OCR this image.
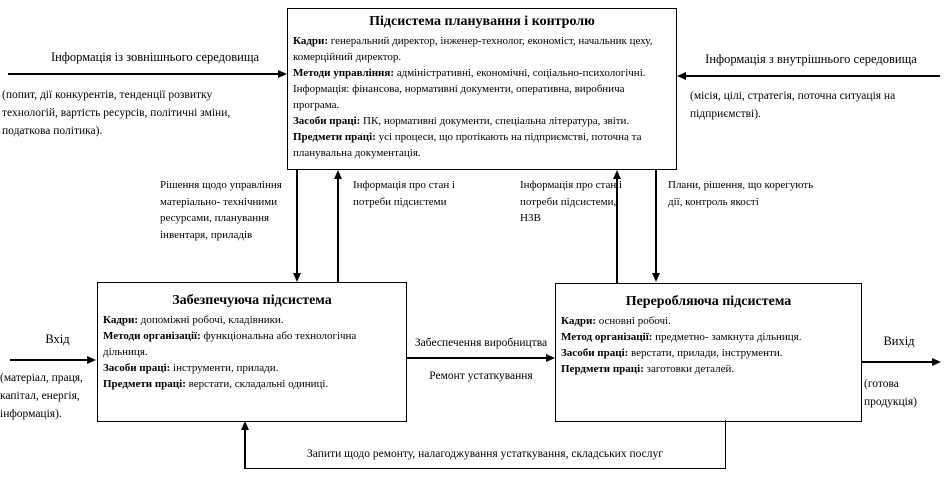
Підсистема планування і контролю
Кадри: генеральний директор, інженер-технолог, економіст, начальник цеху, комерційний директор.
Методи управління: адміністративні, економічні, соціально-психологічні.
Інформація: фінансова, нормативні документи, оперативна, виробнича програма.
Засоби праці: ПК, нормативні документи, спеціальна література, звіти.
Предмети праці: усі процеси, що протікають на підприємстві, поточна та планувальна документація.
Забезпечуюча підсистема
Кадри: допоміжні робочі, кладівники.
Методи організації: функціональна або технологічна дільниця.
Засоби праці: інструменти, прилади.
Предмети праці: верстати, складальні одиниці.
Переробляюча підсистема
Кадри: основні робочі.
Метод організації: предметно- замкнута дільниця.
Засоби праці: верстати, прилади, інструменти.
Пердмети праці: заготовки деталей.
Інформація із зовнішнього середовища
(попит, дії конкурентів, тенденції розвитку технологій, вартість ресурсів, політичні зміни, податкова політика).
Інформація з внутрішнього середовища
(місія, цілі, стратегія, поточна ситуація на підприємстві).
Рішення щодо управління матеріально- технічними ресурсами, планування інвентаря, приладів
Інформація про стан і потреби підсистеми
Інформація про стан і потреби підсистеми, НЗВ
Плани, рішення, що корегують дії, контроль якості
Вхід
(матеріал, праця, капітал, енергія, інформація).
Забеспечення виробництва
Ремонт устаткування
Вихід
(готова продукція)
Запити щодо ремонту, налагоджування устаткування, складських послуг
